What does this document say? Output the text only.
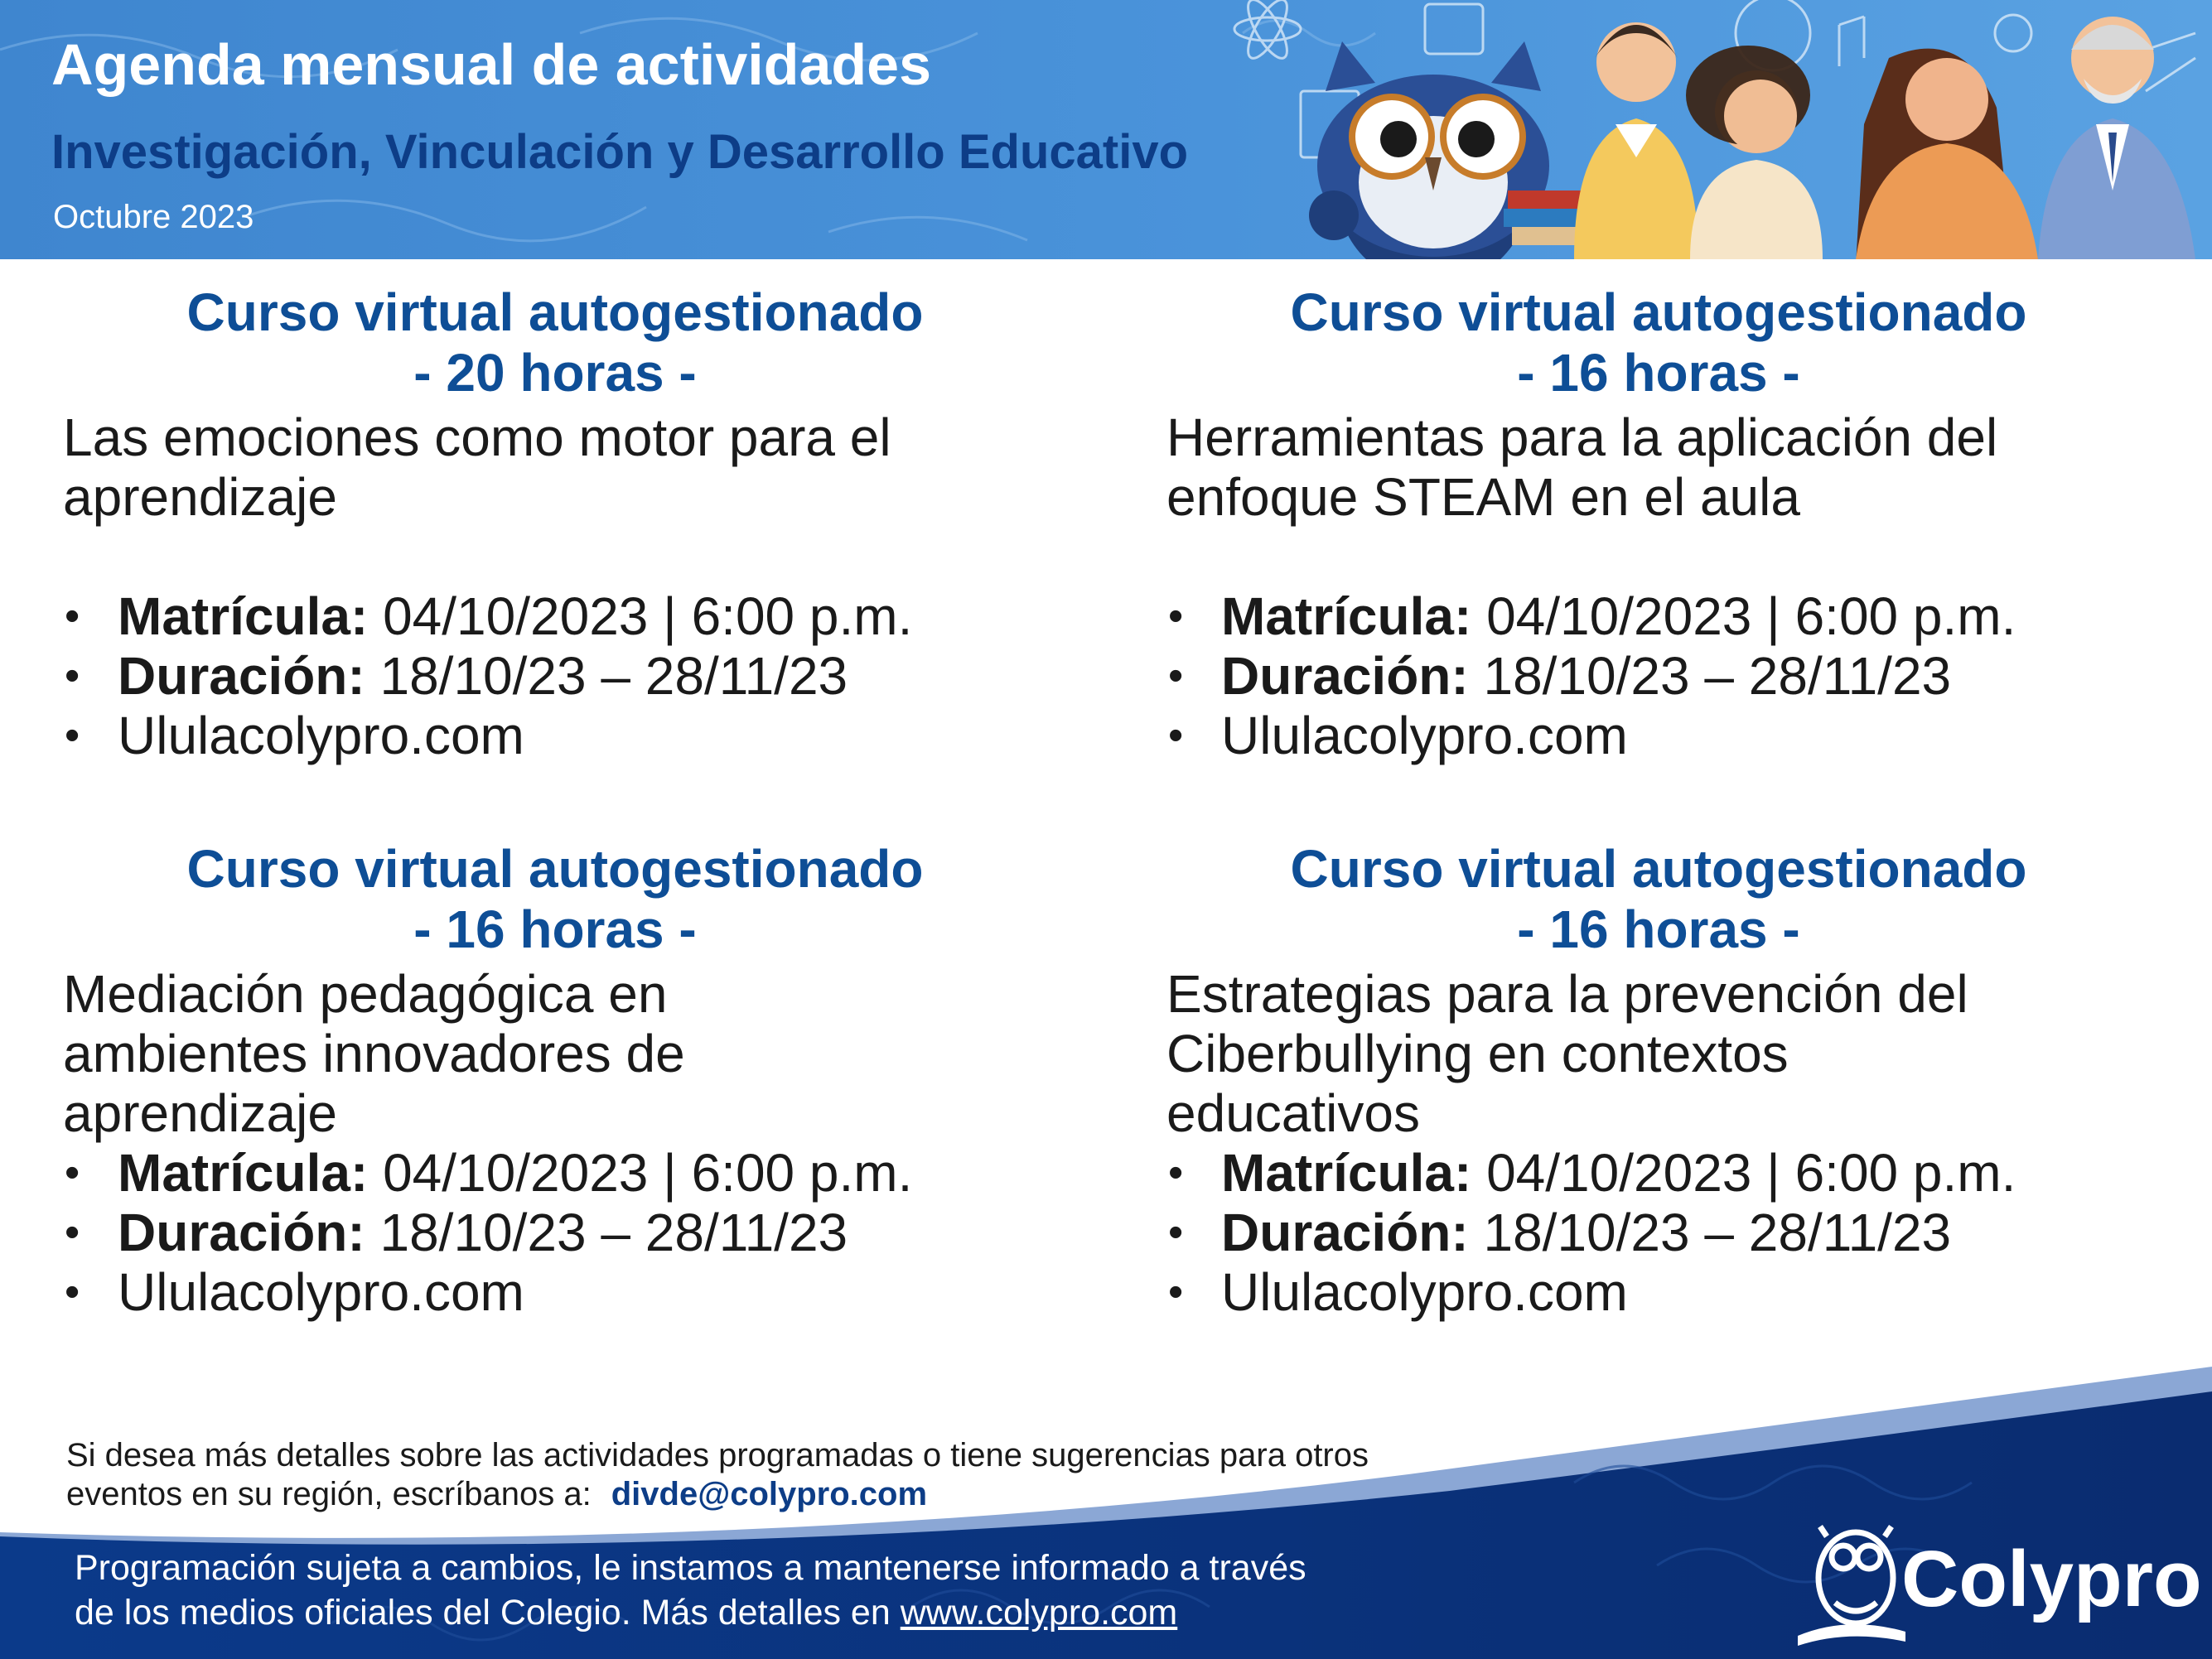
Agenda mensual de actividades
Investigación, Vinculación y Desarrollo Educativo
Octubre 2023
Curso virtual autogestionado
- 20 horas -
Las emociones como motor para el
aprendizaje
• Matrícula: 04/10/2023 | 6:00 p.m.
• Duración: 18/10/23 – 28/11/23
• Ululacolypro.com
Curso virtual autogestionado
- 16 horas -
Herramientas para la aplicación del
enfoque STEAM en el aula
• Matrícula: 04/10/2023 | 6:00 p.m.
• Duración: 18/10/23 – 28/11/23
• Ululacolypro.com
Curso virtual autogestionado
- 16 horas -
Mediación pedagógica en
ambientes innovadores de
aprendizaje
• Matrícula: 04/10/2023 | 6:00 p.m.
• Duración: 18/10/23 – 28/11/23
• Ululacolypro.com
Curso virtual autogestionado
- 16 horas -
Estrategias para la prevención del
Ciberbullying en contextos
educativos
• Matrícula: 04/10/2023 | 6:00 p.m.
• Duración: 18/10/23 – 28/11/23
• Ululacolypro.com
Si desea más detalles sobre las actividades programadas o tiene sugerencias para otros
eventos en su región, escríbanos a: divde@colypro.com
Programación sujeta a cambios, le instamos a mantenerse informado a través
de los medios oficiales del Colegio. Más detalles en www.colypro.com	Colypro
